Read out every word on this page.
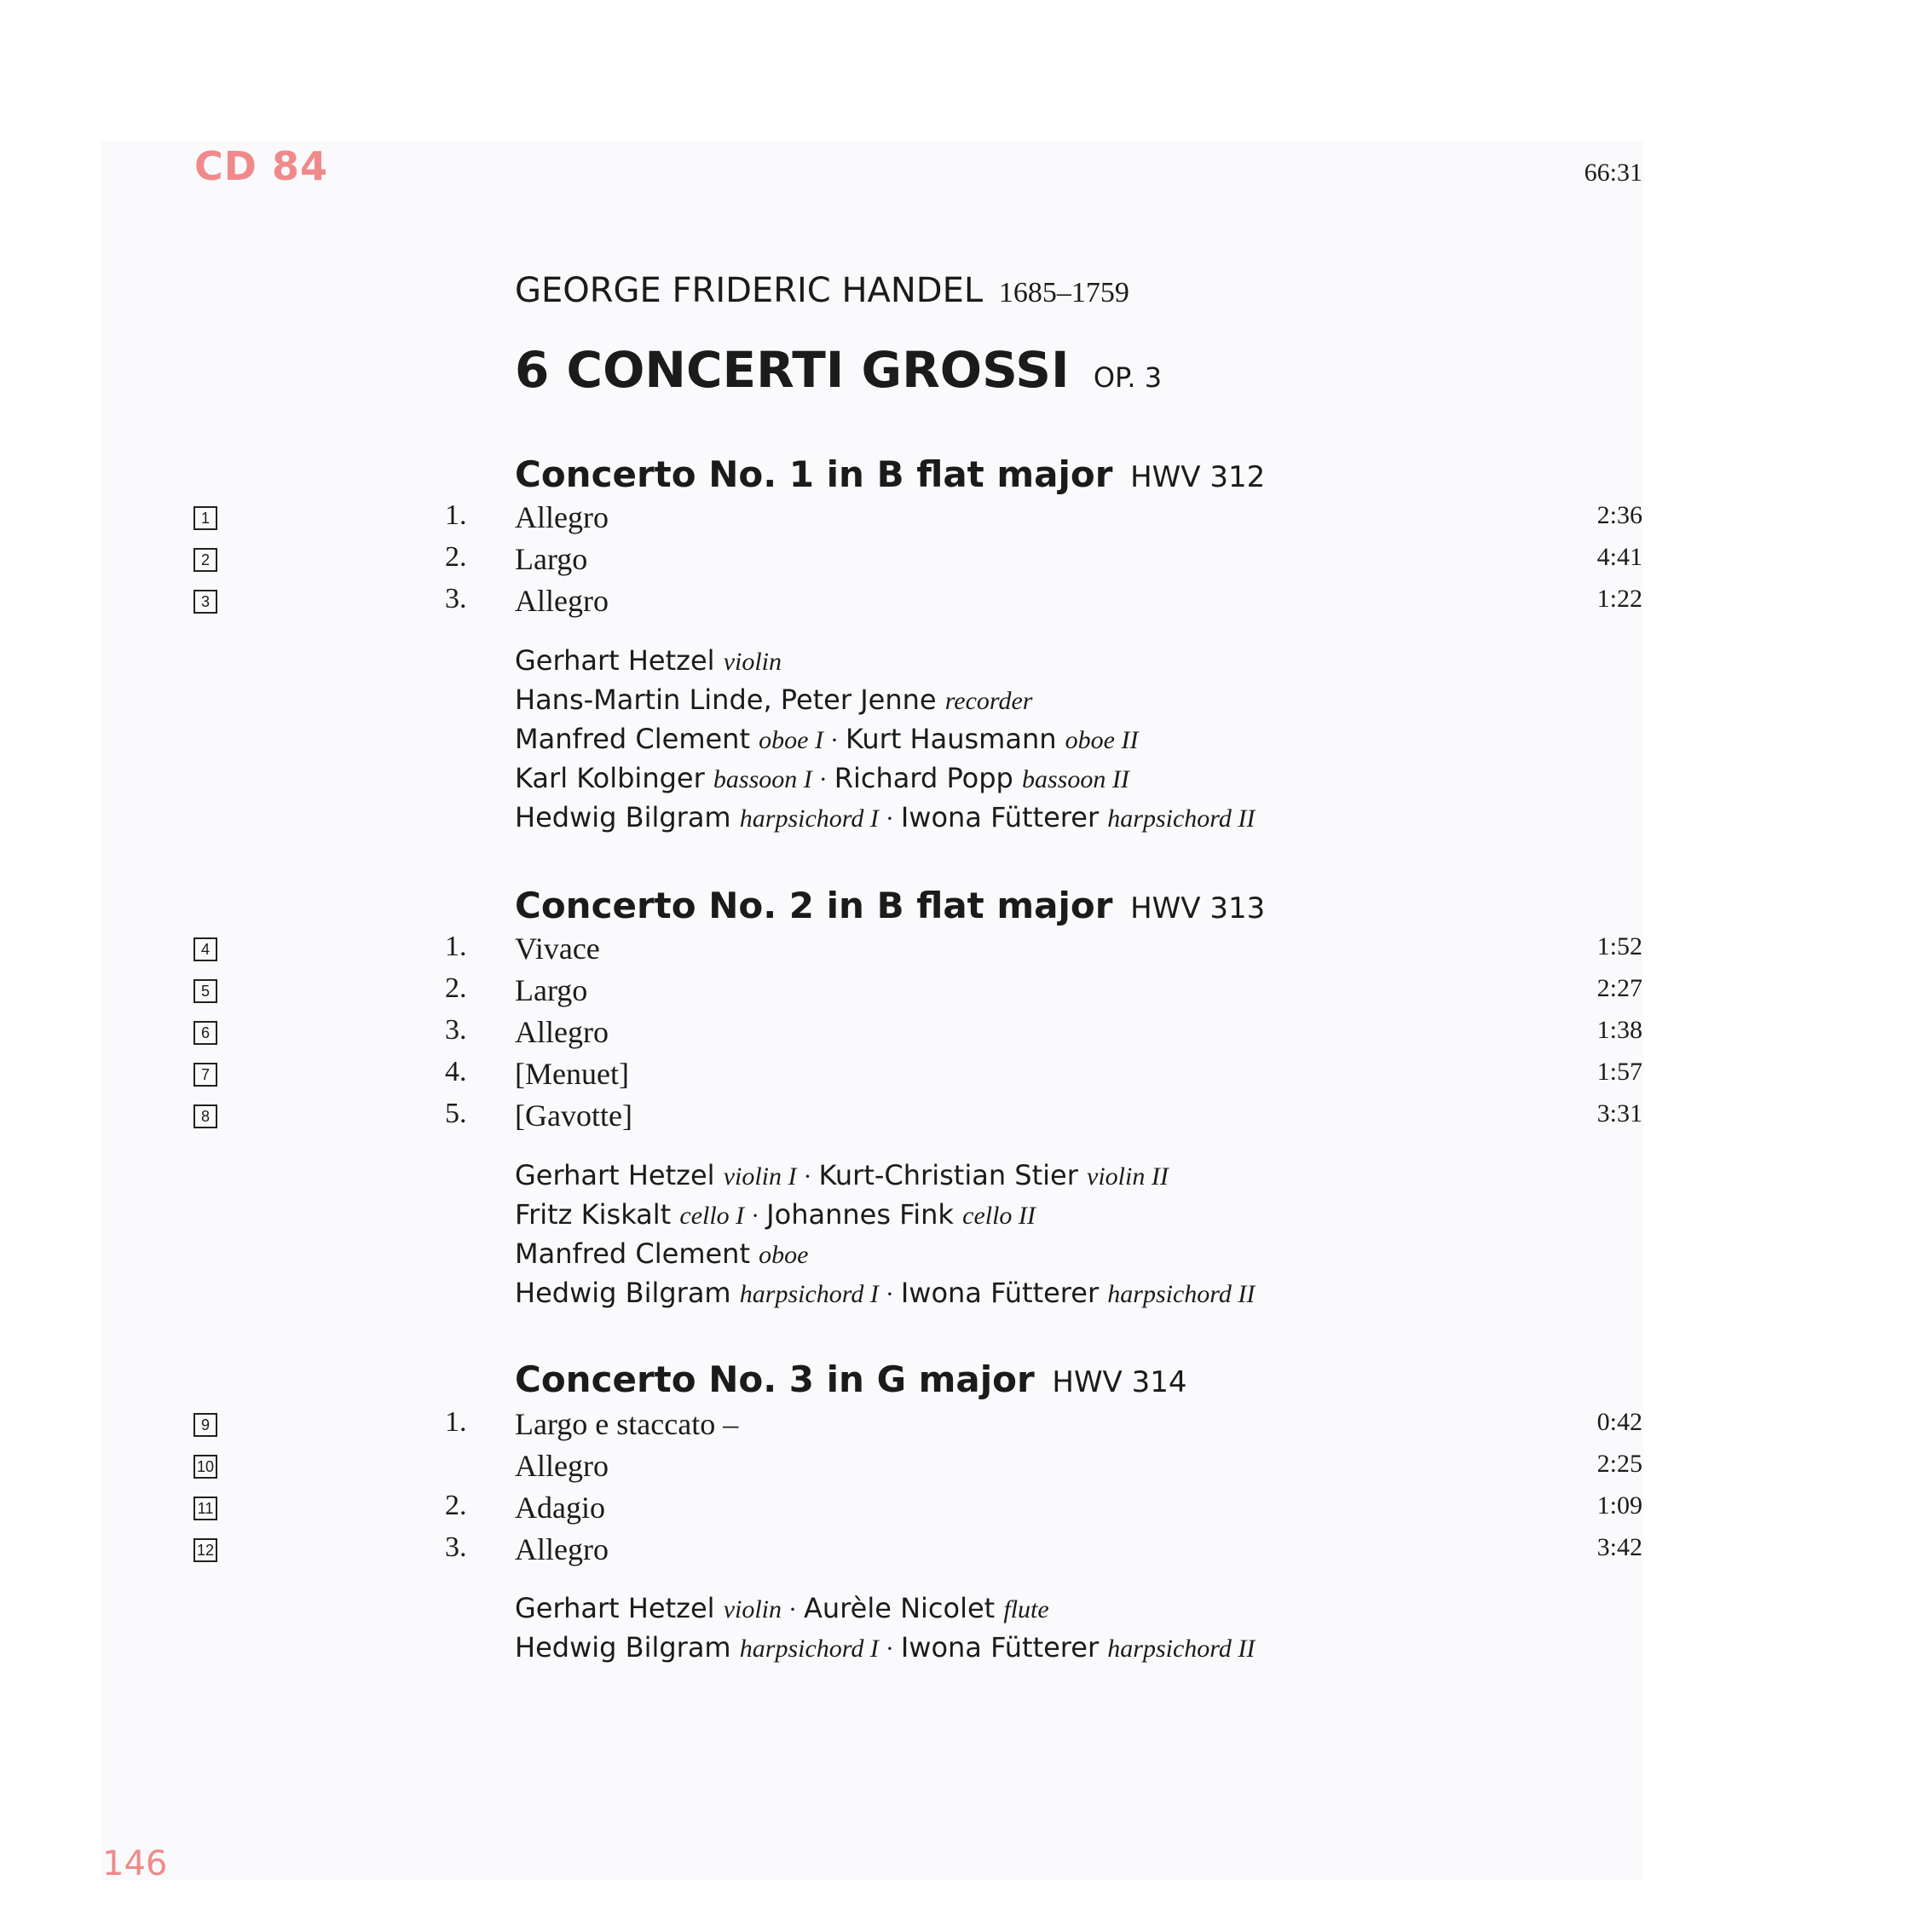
CD 84	66:31
GEORGE FRIDERIC HANDEL 1685–1759
6 CONCERTI GROSSI OP. 3
Concerto No. 1 in B flat major HWV 312
1	1. Allegro	2:36
2	2. Largo	4:41
3	3. Allegro	1:22
Gerhart Hetzel violin
Hans-Martin Linde, Peter Jenne recorder
Manfred Clement oboe I · Kurt Hausmann oboe II
Karl Kolbinger bassoon I · Richard Popp bassoon II
Hedwig Bilgram harpsichord I · Iwona Fütterer harpsichord II
Concerto No. 2 in B flat major HWV 313
4	1. Vivace	1:52
5	2. Largo	2:27
6	3. Allegro	1:38
7	4. [Menuet]	1:57
8	5. [Gavotte]	3:31
Gerhart Hetzel violin I · Kurt-Christian Stier violin II
Fritz Kiskalt cello I · Johannes Fink cello II
Manfred Clement oboe
Hedwig Bilgram harpsichord I · Iwona Fütterer harpsichord II
Concerto No. 3 in G major HWV 314
9	1. Largo e staccato –	0:42
10	Allegro	2:25
11	2. Adagio	1:09
12	3. Allegro	3:42
Gerhart Hetzel violin · Aurèle Nicolet flute
Hedwig Bilgram harpsichord I · Iwona Fütterer harpsichord II
146
